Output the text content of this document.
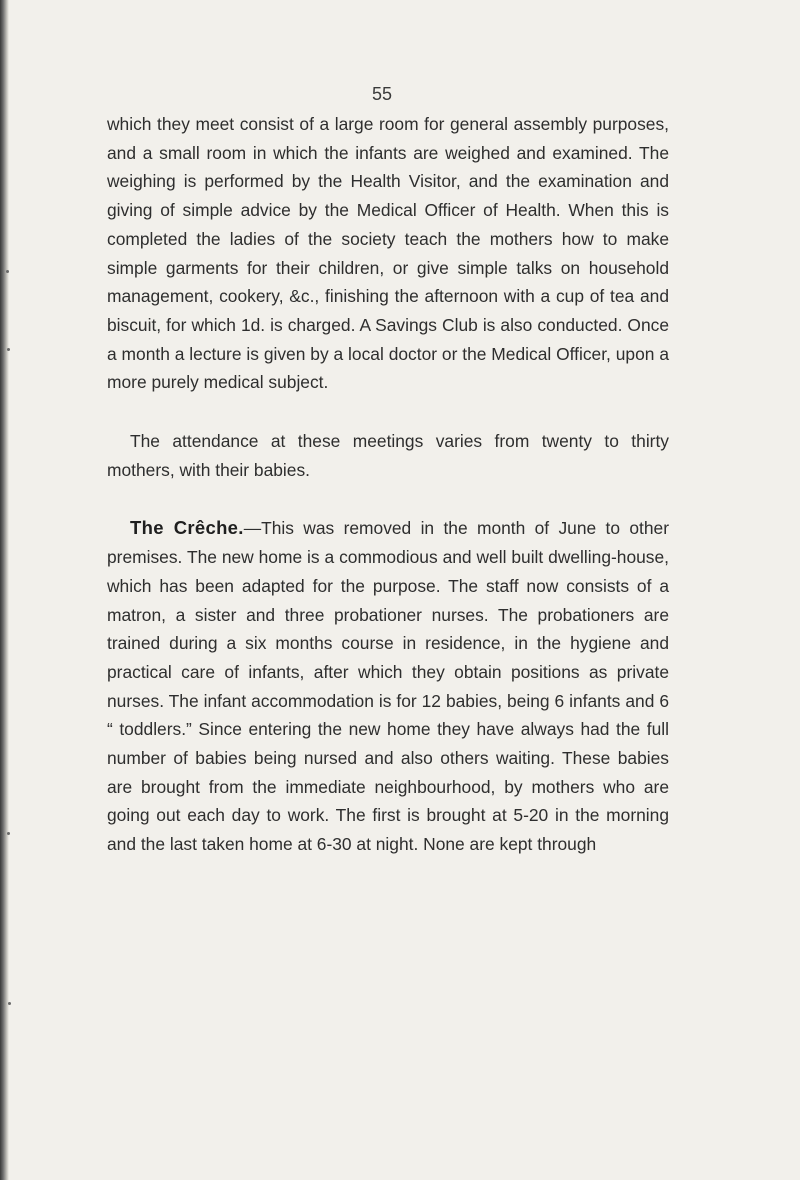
55

which they meet consist of a large room for general assembly purposes, and a small room in which the infants are weighed and examined. The weighing is performed by the Health Visitor, and the examination and giving of simple advice by the Medical Officer of Health. When this is completed the ladies of the society teach the mothers how to make simple garments for their children, or give simple talks on household management, cookery, &c., finishing the afternoon with a cup of tea and biscuit, for which 1d. is charged. A Savings Club is also conducted. Once a month a lecture is given by a local doctor or the Medical Officer, upon a more purely medical subject.

The attendance at these meetings varies from twenty to thirty mothers, with their babies.

The Crêche.—This was removed in the month of June to other premises. The new home is a commodious and well built dwelling-house, which has been adapted for the purpose. The staff now consists of a matron, a sister and three probationer nurses. The probationers are trained during a six months course in residence, in the hygiene and practical care of infants, after which they obtain positions as private nurses. The infant accommodation is for 12 babies, being 6 infants and 6 “ toddlers.” Since entering the new home they have always had the full number of babies being nursed and also others waiting. These babies are brought from the immediate neighbourhood, by mothers who are going out each day to work. The first is brought at 5-20 in the morning and the last taken home at 6-30 at night. None are kept through
